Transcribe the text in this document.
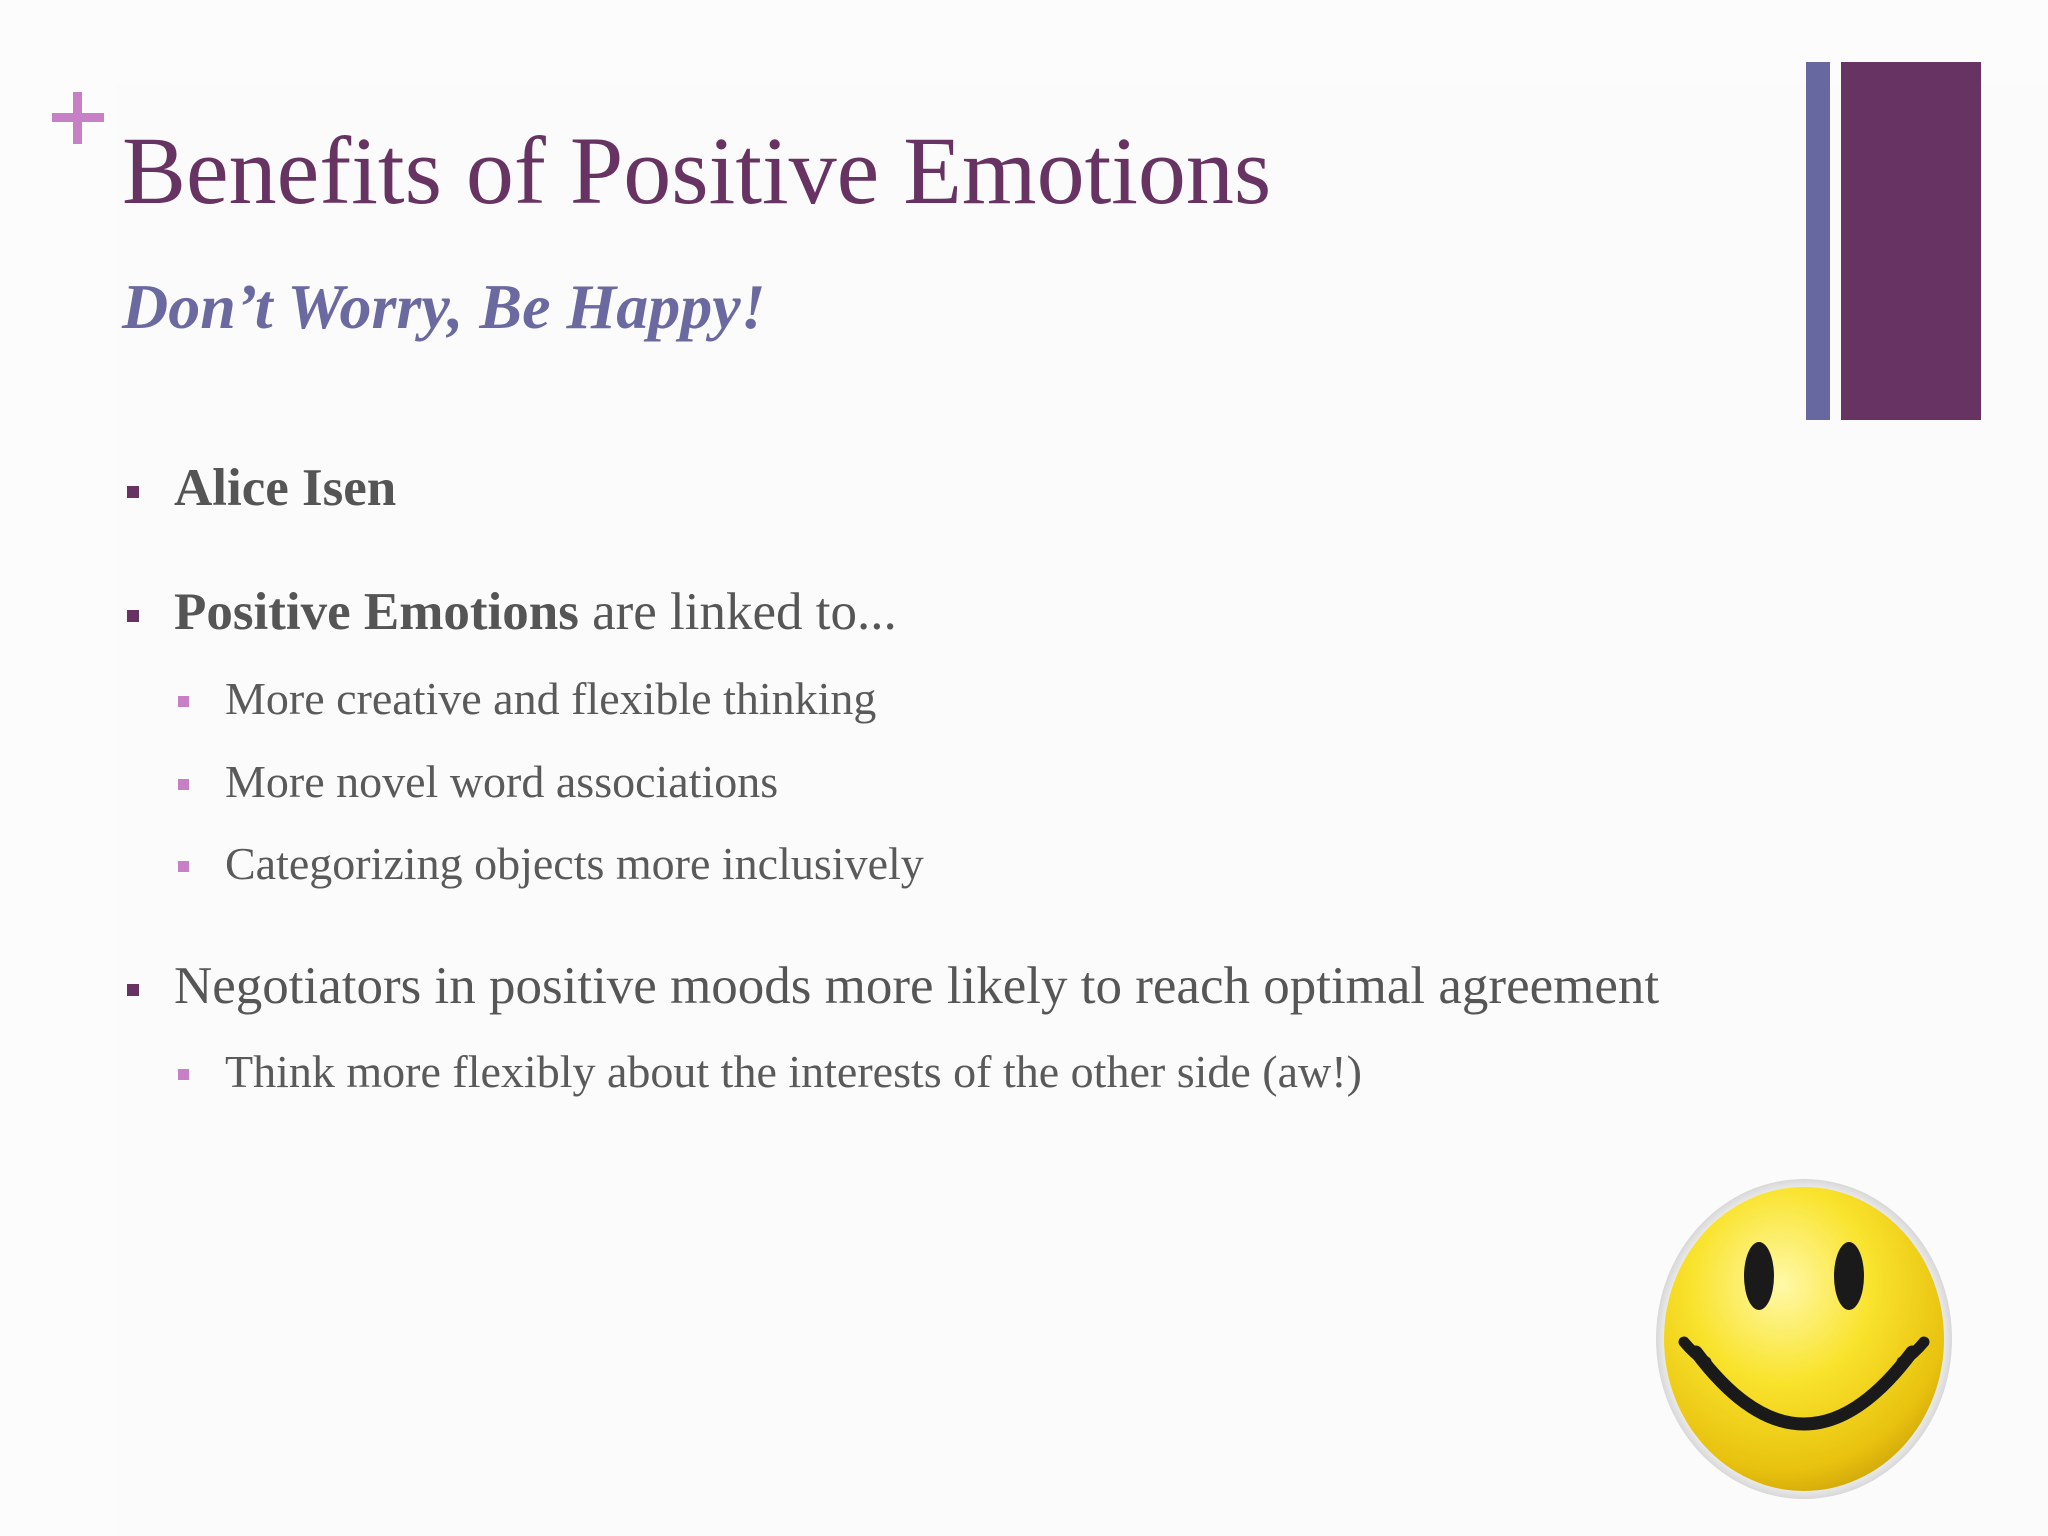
Benefits of Positive Emotions
Don’t Worry, Be Happy!
Alice Isen
Positive Emotions are linked to...
More creative and flexible thinking
More novel word associations
Categorizing objects more inclusively
Negotiators in positive moods more likely to reach optimal agreement
Think more flexibly about the interests of the other side (aw!)
